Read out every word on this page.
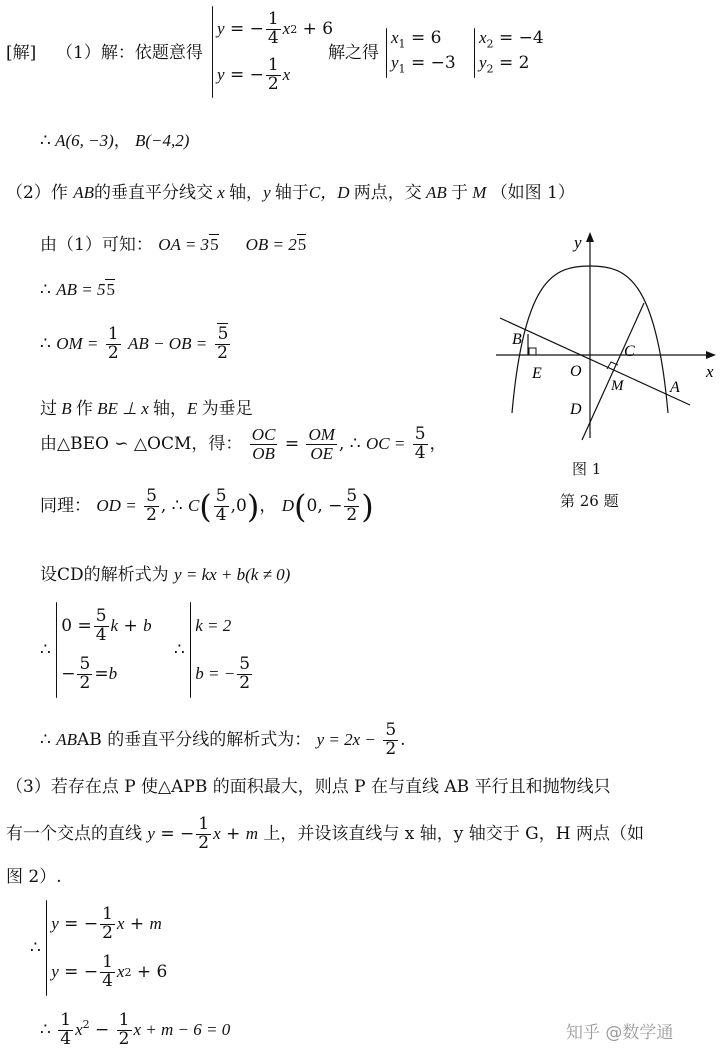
[解] （1）解：依题意得
y = − $\frac{1}{4}$ x 2 + 6
y = − $\frac{1}{2}$ x
解之得
$x_1 = 6$
$y_1 = -3$
$x_2 = -4$
$y_2 = 2$
∴ A(6, −3)， B(−4,2)
（2）作 AB的垂直平分线交 x 轴，y 轴于C，D 两点，交 AB 于 M （如图 1）
由（1）可知： OA = 35 OB = 25
∴ AB = 55
∴ OM = $\frac{1}{2}$ AB − OB = $\frac{5}{2}$
过 B 作 BE ⊥ x 轴，E 为垂足
由△BEO ∽ △OCM，得： $\frac{OC}{OB} = \frac{OM}{OE}$ , ∴ OC = $\frac{5}{4}$ ，
同理： OD = $\frac{5}{2}$ , ∴ $C( \frac{5}{4} ,0)$， D(0, − $\frac{5}{2}$ )
设CD的解析式为 y = kx + b(k ≠ 0)
∴
$0 = \frac{5}{4}$ k + b
− $\frac{5}{2} = b$
∴
k = 2
b = − $\frac{5}{2}$
∴ ABAB 的垂直平分线的解析式为： $y = 2x - \frac{5}{2}$ .
（3）若存在点 P 使△APB 的面积最大，则点 P 在与直线 AB 平行且和抛物线只
有一个交点的直线 y = − $\frac{1}{2}$ x + m 上，并设该直线与 x 轴，y 轴交于 G，H 两点（如
图 2）.
∴
y = − $\frac{1}{2}$ x + m
y = − $\frac{1}{4}$ x 2 + 6
∴ $\frac{1}{4} x^2 - \frac{1}{2}$ x + m − 6 = 0
y
x
O
B
E
C
M	A
D
图 1
第 26 题
知乎 @数学通
